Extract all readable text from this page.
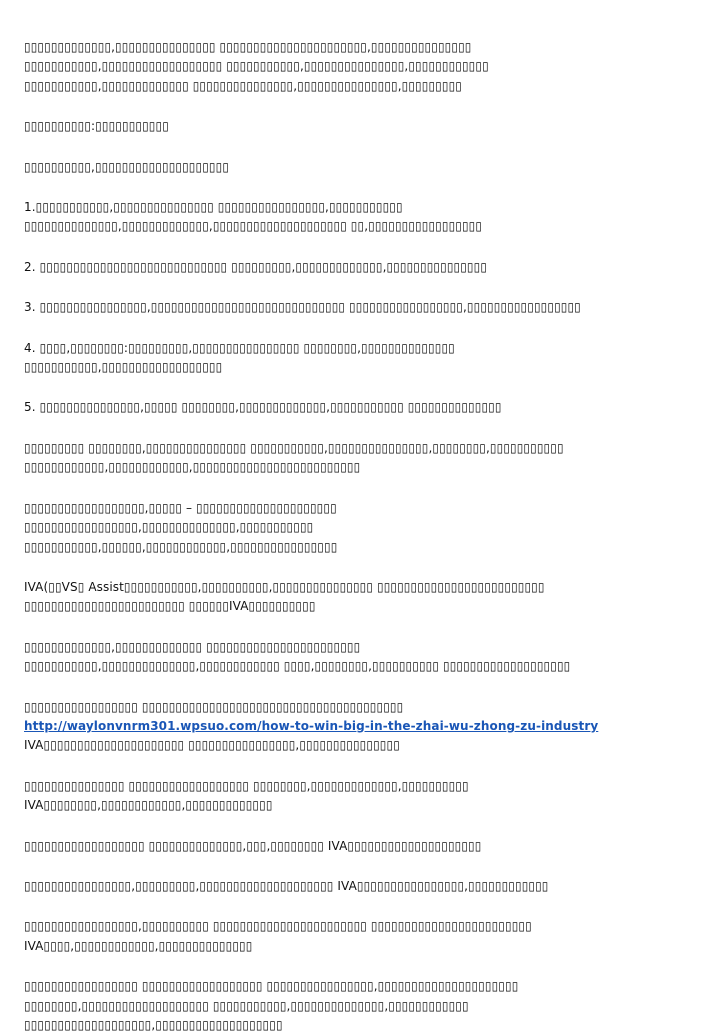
▯▯▯▯▯▯▯▯▯▯▯▯▯,▯▯▯▯▯▯▯▯▯▯▯▯▯▯▯ ▯▯▯▯▯▯▯▯▯▯▯▯▯▯▯▯▯▯▯▯▯▯,▯▯▯▯▯▯▯▯▯▯▯▯▯▯▯
▯▯▯▯▯▯▯▯▯▯▯,▯▯▯▯▯▯▯▯▯▯▯▯▯▯▯▯▯▯ ▯▯▯▯▯▯▯▯▯▯▯,▯▯▯▯▯▯▯▯▯▯▯▯▯▯▯,▯▯▯▯▯▯▯▯▯▯▯▯
▯▯▯▯▯▯▯▯▯▯▯,▯▯▯▯▯▯▯▯▯▯▯▯▯ ▯▯▯▯▯▯▯▯▯▯▯▯▯▯▯,▯▯▯▯▯▯▯▯▯▯▯▯▯▯▯,▯▯▯▯▯▯▯▯▯
▯▯▯▯▯▯▯▯▯▯:▯▯▯▯▯▯▯▯▯▯▯
▯▯▯▯▯▯▯▯▯▯,▯▯▯▯▯▯▯▯▯▯▯▯▯▯▯▯▯▯▯▯
1.▯▯▯▯▯▯▯▯▯▯▯,▯▯▯▯▯▯▯▯▯▯▯▯▯▯▯ ▯▯▯▯▯▯▯▯▯▯▯▯▯▯▯▯,▯▯▯▯▯▯▯▯▯▯▯
▯▯▯▯▯▯▯▯▯▯▯▯▯▯,▯▯▯▯▯▯▯▯▯▯▯▯▯,▯▯▯▯▯▯▯▯▯▯▯▯▯▯▯▯▯▯▯▯ ▯▯,▯▯▯▯▯▯▯▯▯▯▯▯▯▯▯▯▯
2. ▯▯▯▯▯▯▯▯▯▯▯▯▯▯▯▯▯▯▯▯▯▯▯▯▯▯▯▯ ▯▯▯▯▯▯▯▯▯,▯▯▯▯▯▯▯▯▯▯▯▯▯,▯▯▯▯▯▯▯▯▯▯▯▯▯▯▯
3. ▯▯▯▯▯▯▯▯▯▯▯▯▯▯▯▯,▯▯▯▯▯▯▯▯▯▯▯▯▯▯▯▯▯▯▯▯▯▯▯▯▯▯▯▯▯ ▯▯▯▯▯▯▯▯▯▯▯▯▯▯▯▯▯,▯▯▯▯▯▯▯▯▯▯▯▯▯▯▯▯▯
4. ▯▯▯▯,▯▯▯▯▯▯▯▯:▯▯▯▯▯▯▯▯▯,▯▯▯▯▯▯▯▯▯▯▯▯▯▯▯▯ ▯▯▯▯▯▯▯▯,▯▯▯▯▯▯▯▯▯▯▯▯▯▯
▯▯▯▯▯▯▯▯▯▯▯,▯▯▯▯▯▯▯▯▯▯▯▯▯▯▯▯▯▯
5. ▯▯▯▯▯▯▯▯▯▯▯▯▯▯▯,▯▯▯▯▯ ▯▯▯▯▯▯▯▯,▯▯▯▯▯▯▯▯▯▯▯▯▯,▯▯▯▯▯▯▯▯▯▯▯ ▯▯▯▯▯▯▯▯▯▯▯▯▯▯
▯▯▯▯▯▯▯▯▯ ▯▯▯▯▯▯▯▯,▯▯▯▯▯▯▯▯▯▯▯▯▯▯▯ ▯▯▯▯▯▯▯▯▯▯▯,▯▯▯▯▯▯▯▯▯▯▯▯▯▯▯,▯▯▯▯▯▯▯▯,▯▯▯▯▯▯▯▯▯▯▯
▯▯▯▯▯▯▯▯▯▯▯▯,▯▯▯▯▯▯▯▯▯▯▯▯,▯▯▯▯▯▯▯▯▯▯▯▯▯▯▯▯▯▯▯▯▯▯▯▯▯
▯▯▯▯▯▯▯▯▯▯▯▯▯▯▯▯▯▯,▯▯▯▯▯ – ▯▯▯▯▯▯▯▯▯▯▯▯▯▯▯▯▯▯▯▯▯
▯▯▯▯▯▯▯▯▯▯▯▯▯▯▯▯▯,▯▯▯▯▯▯▯▯▯▯▯▯▯▯,▯▯▯▯▯▯▯▯▯▯▯
▯▯▯▯▯▯▯▯▯▯▯,▯▯▯▯▯▯,▯▯▯▯▯▯▯▯▯▯▯▯,▯▯▯▯▯▯▯▯▯▯▯▯▯▯▯▯
IVA(▯▯VS▯ Assist▯▯▯▯▯▯▯▯▯▯▯,▯▯▯▯▯▯▯▯▯▯,▯▯▯▯▯▯▯▯▯▯▯▯▯▯▯ ▯▯▯▯▯▯▯▯▯▯▯▯▯▯▯▯▯▯▯▯▯▯▯▯▯
▯▯▯▯▯▯▯▯▯▯▯▯▯▯▯▯▯▯▯▯▯▯▯▯ ▯▯▯▯▯▯IVA▯▯▯▯▯▯▯▯▯▯
▯▯▯▯▯▯▯▯▯▯▯▯▯,▯▯▯▯▯▯▯▯▯▯▯▯▯ ▯▯▯▯▯▯▯▯▯▯▯▯▯▯▯▯▯▯▯▯▯▯▯
▯▯▯▯▯▯▯▯▯▯▯,▯▯▯▯▯▯▯▯▯▯▯▯▯▯,▯▯▯▯▯▯▯▯▯▯▯▯ ▯▯▯▯,▯▯▯▯▯▯▯▯,▯▯▯▯▯▯▯▯▯▯ ▯▯▯▯▯▯▯▯▯▯▯▯▯▯▯▯▯▯▯
▯▯▯▯▯▯▯▯▯▯▯▯▯▯▯▯▯ ▯▯▯▯▯▯▯▯▯▯▯▯▯▯▯▯▯▯▯▯▯▯▯▯▯▯▯▯▯▯▯▯▯▯▯▯▯▯▯
http://waylonvnrm301.wpsuo.com/how-to-win-big-in-the-zhai-wu-zhong-zu-industry
IVA▯▯▯▯▯▯▯▯▯▯▯▯▯▯▯▯▯▯▯▯▯ ▯▯▯▯▯▯▯▯▯▯▯▯▯▯▯▯,▯▯▯▯▯▯▯▯▯▯▯▯▯▯▯
▯▯▯▯▯▯▯▯▯▯▯▯▯▯▯ ▯▯▯▯▯▯▯▯▯▯▯▯▯▯▯▯▯▯ ▯▯▯▯▯▯▯▯,▯▯▯▯▯▯▯▯▯▯▯▯▯,▯▯▯▯▯▯▯▯▯▯
IVA▯▯▯▯▯▯▯▯,▯▯▯▯▯▯▯▯▯▯▯▯,▯▯▯▯▯▯▯▯▯▯▯▯▯
▯▯▯▯▯▯▯▯▯▯▯▯▯▯▯▯▯▯ ▯▯▯▯▯▯▯▯▯▯▯▯▯▯,▯▯▯,▯▯▯▯▯▯▯▯ IVA▯▯▯▯▯▯▯▯▯▯▯▯▯▯▯▯▯▯▯▯
▯▯▯▯▯▯▯▯▯▯▯▯▯▯▯▯,▯▯▯▯▯▯▯▯▯,▯▯▯▯▯▯▯▯▯▯▯▯▯▯▯▯▯▯▯▯ IVA▯▯▯▯▯▯▯▯▯▯▯▯▯▯▯▯,▯▯▯▯▯▯▯▯▯▯▯▯
▯▯▯▯▯▯▯▯▯▯▯▯▯▯▯▯▯,▯▯▯▯▯▯▯▯▯▯ ▯▯▯▯▯▯▯▯▯▯▯▯▯▯▯▯▯▯▯▯▯▯▯ ▯▯▯▯▯▯▯▯▯▯▯▯▯▯▯▯▯▯▯▯▯▯▯▯
IVA▯▯▯▯,▯▯▯▯▯▯▯▯▯▯▯▯,▯▯▯▯▯▯▯▯▯▯▯▯▯▯
▯▯▯▯▯▯▯▯▯▯▯▯▯▯▯▯▯ ▯▯▯▯▯▯▯▯▯▯▯▯▯▯▯▯▯▯ ▯▯▯▯▯▯▯▯▯▯▯▯▯▯▯▯,▯▯▯▯▯▯▯▯▯▯▯▯▯▯▯▯▯▯▯▯▯
▯▯▯▯▯▯▯▯,▯▯▯▯▯▯▯▯▯▯▯▯▯▯▯▯▯▯▯ ▯▯▯▯▯▯▯▯▯▯▯,▯▯▯▯▯▯▯▯▯▯▯▯▯▯,▯▯▯▯▯▯▯▯▯▯▯▯
▯▯▯▯▯▯▯▯▯▯▯▯▯▯▯▯▯▯▯,▯▯▯▯▯▯▯▯▯▯▯▯▯▯▯▯▯▯▯
